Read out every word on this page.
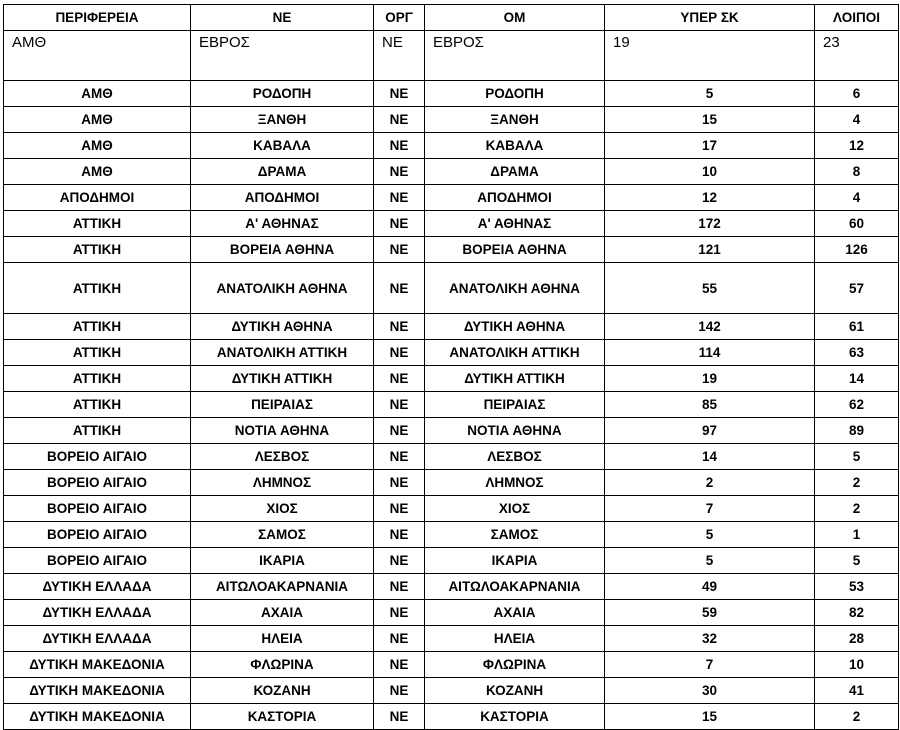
ΠΕΡΙΦΕΡΕΙΑ	ΝΕ	ΟΡΓ	ΟΜ	ΥΠΕΡ ΣΚ	ΛΟΙΠΟΙ
ΑΜΘ	ΕΒΡΟΣ	ΝΕ	ΕΒΡΟΣ	19	23
ΑΜΘ	ΡΟΔΟΠΗ	ΝΕ	ΡΟΔΟΠΗ	5	6
ΑΜΘ	ΞΑΝΘΗ	ΝΕ	ΞΑΝΘΗ	15	4
ΑΜΘ	ΚΑΒΑΛΑ	ΝΕ	ΚΑΒΑΛΑ	17	12
ΑΜΘ	ΔΡΑΜΑ	ΝΕ	ΔΡΑΜΑ	10	8
ΑΠΟΔΗΜΟΙ	ΑΠΟΔΗΜΟΙ	ΝΕ	ΑΠΟΔΗΜΟΙ	12	4
ΑΤΤΙΚΗ	Α' ΑΘΗΝΑΣ	ΝΕ	Α' ΑΘΗΝΑΣ	172	60
ΑΤΤΙΚΗ	ΒΟΡΕΙΑ ΑΘΗΝΑ	ΝΕ	ΒΟΡΕΙΑ ΑΘΗΝΑ	121	126
ΑΤΤΙΚΗ	ΑΝΑΤΟΛΙΚΗ ΑΘΗΝΑ	ΝΕ	ΑΝΑΤΟΛΙΚΗ ΑΘΗΝΑ	55	57
ΑΤΤΙΚΗ	ΔΥΤΙΚΗ ΑΘΗΝΑ	ΝΕ	ΔΥΤΙΚΗ ΑΘΗΝΑ	142	61
ΑΤΤΙΚΗ	ΑΝΑΤΟΛΙΚΗ ΑΤΤΙΚΗ	ΝΕ	ΑΝΑΤΟΛΙΚΗ ΑΤΤΙΚΗ	114	63
ΑΤΤΙΚΗ	ΔΥΤΙΚΗ ΑΤΤΙΚΗ	ΝΕ	ΔΥΤΙΚΗ ΑΤΤΙΚΗ	19	14
ΑΤΤΙΚΗ	ΠΕΙΡΑΙΑΣ	ΝΕ	ΠΕΙΡΑΙΑΣ	85	62
ΑΤΤΙΚΗ	ΝΟΤΙΑ ΑΘΗΝΑ	ΝΕ	ΝΟΤΙΑ ΑΘΗΝΑ	97	89
ΒΟΡΕΙΟ ΑΙΓΑΙΟ	ΛΕΣΒΟΣ	ΝΕ	ΛΕΣΒΟΣ	14	5
ΒΟΡΕΙΟ ΑΙΓΑΙΟ	ΛΗΜΝΟΣ	ΝΕ	ΛΗΜΝΟΣ	2	2
ΒΟΡΕΙΟ ΑΙΓΑΙΟ	ΧΙΟΣ	ΝΕ	ΧΙΟΣ	7	2
ΒΟΡΕΙΟ ΑΙΓΑΙΟ	ΣΑΜΟΣ	ΝΕ	ΣΑΜΟΣ	5	1
ΒΟΡΕΙΟ ΑΙΓΑΙΟ	ΙΚΑΡΙΑ	ΝΕ	ΙΚΑΡΙΑ	5	5
ΔΥΤΙΚΗ ΕΛΛΑΔΑ	ΑΙΤΩΛΟΑΚΑΡΝΑΝΙΑ	ΝΕ	ΑΙΤΩΛΟΑΚΑΡΝΑΝΙΑ	49	53
ΔΥΤΙΚΗ ΕΛΛΑΔΑ	ΑΧΑΙΑ	ΝΕ	ΑΧΑΙΑ	59	82
ΔΥΤΙΚΗ ΕΛΛΑΔΑ	ΗΛΕΙΑ	ΝΕ	ΗΛΕΙΑ	32	28
ΔΥΤΙΚΗ ΜΑΚΕΔΟΝΙΑ	ΦΛΩΡΙΝΑ	ΝΕ	ΦΛΩΡΙΝΑ	7	10
ΔΥΤΙΚΗ ΜΑΚΕΔΟΝΙΑ	ΚΟΖΑΝΗ	ΝΕ	ΚΟΖΑΝΗ	30	41
ΔΥΤΙΚΗ ΜΑΚΕΔΟΝΙΑ	ΚΑΣΤΟΡΙΑ	ΝΕ	ΚΑΣΤΟΡΙΑ	15	2
